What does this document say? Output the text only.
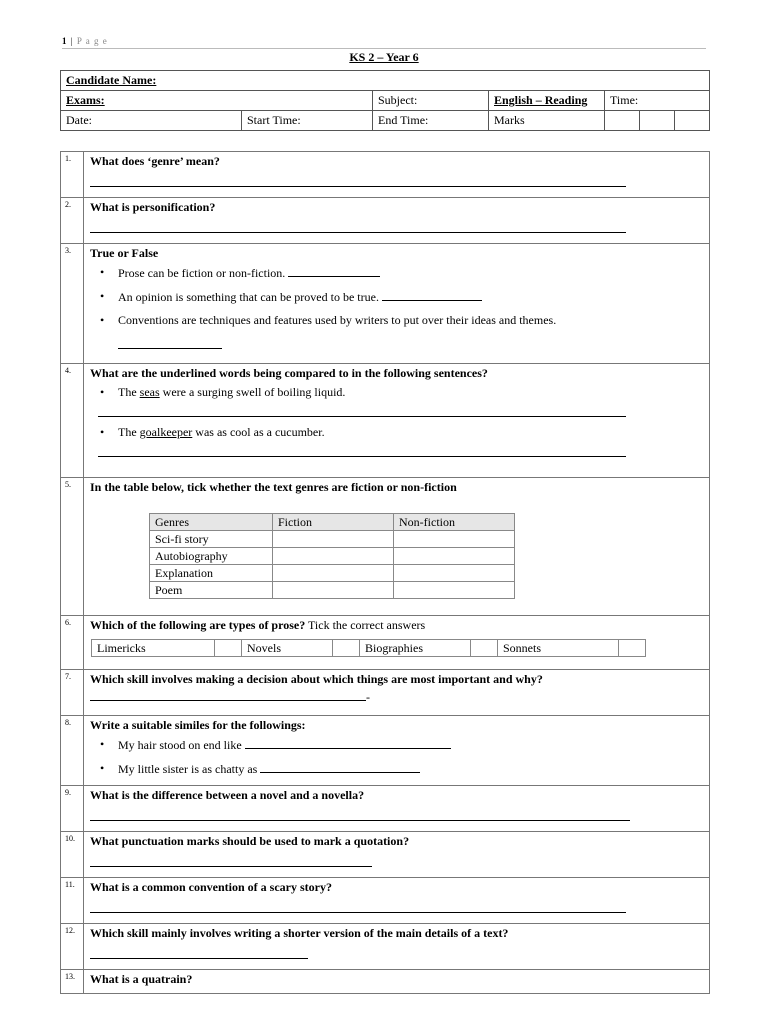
1 | P a g e
KS 2 – Year 6
Candidate Name:						
Exams:		Subject:	English – Reading	Time:		
Date:	Start Time:	End Time:	Marks			
1.	What does ‘genre’ mean?

2.	What is personification?

3.	True or False
• Prose can be fiction or non-fiction.
• An opinion is something that can be proved to be true.
• Conventions are techniques and features used by writers to put over their ideas and themes.

4.	What are the underlined words being compared to in the following sentences?
• The seas were a surging swell of boiling liquid.
• The goalkeeper was as cool as a cucumber.

5.	In the table below, tick whether the text genres are fiction or non-fiction
Genres	Fiction	Non-fiction
Sci-fi story		
Autobiography		
Explanation		
Poem		

6.	Which of the following are types of prose? Tick the correct answers
Limericks		Novels		Biographies		Sonnets	

7.	Which skill involves making a decision about which things are most important and why?
-

8.	Write a suitable similes for the followings:
• My hair stood on end like
• My little sister is as chatty as

9.	What is the difference between a novel and a novella?

10.	What punctuation marks should be used to mark a quotation?

11.	What is a common convention of a scary story?

12.	Which skill mainly involves writing a shorter version of the main details of a text?

13.	What is a quatrain?
